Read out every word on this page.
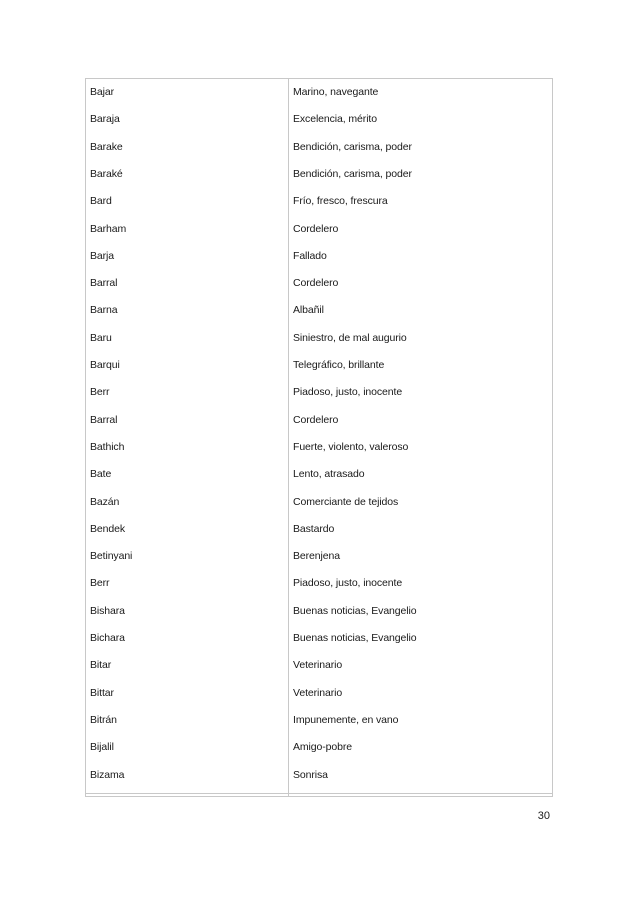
Bajar	Marino, navegante
Baraja	Excelencia, mérito
Barake	Bendición, carisma, poder
Baraké	Bendición, carisma, poder
Bard	Frío, fresco, frescura
Barham	Cordelero
Barja	Fallado
Barral	Cordelero
Barna	Albañil
Baru	Siniestro, de mal augurio
Barqui	Telegráfico, brillante
Berr	Piadoso, justo, inocente
Barral	Cordelero
Bathich	Fuerte, violento, valeroso
Bate	Lento, atrasado
Bazán	Comerciante de tejidos
Bendek	Bastardo
Betinyani	Berenjena
Berr	Piadoso, justo, inocente
Bishara	Buenas noticias, Evangelio
Bichara	Buenas noticias, Evangelio
Bitar	Veterinario
Bittar	Veterinario
Bitrán	Impunemente, en vano
Bijalil	Amigo-pobre
Bizama	Sonrisa
30
